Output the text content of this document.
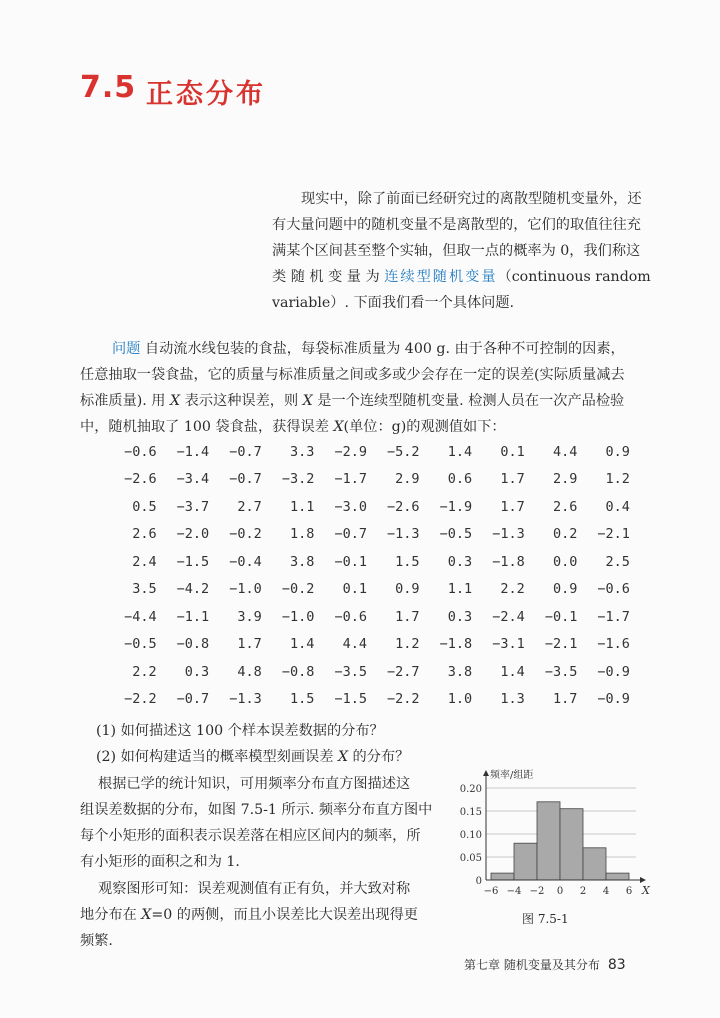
7.5 正态分布
现实中，除了前面已经研究过的离散型随机变量外，还
有大量问题中的随机变量不是离散型的，它们的取值往往充
满某个区间甚至整个实轴，但取一点的概率为 0，我们称这
类 随 机 变 量 为 连续型随机变量（continuous random
variable）. 下面我们看一个具体问题.
问题 自动流水线包装的食盐，每袋标准质量为 400 g. 由于各种不可控制的因素，
任意抽取一袋食盐，它的质量与标准质量之间或多或少会存在一定的误差(实际质量减去
标准质量). 用 X 表示这种误差，则 X 是一个连续型随机变量. 检测人员在一次产品检验
中，随机抽取了 100 袋食盐，获得误差 X(单位：g)的观测值如下：
−0.6	−1.4	−0.7	3.3	−2.9	−5.2	1.4	0.1	4.4	0.9
−2.6	−3.4	−0.7	−3.2	−1.7	2.9	0.6	1.7	2.9	1.2
0.5	−3.7	2.7	1.1	−3.0	−2.6	−1.9	1.7	2.6	0.4
2.6	−2.0	−0.2	1.8	−0.7	−1.3	−0.5	−1.3	0.2	−2.1
2.4	−1.5	−0.4	3.8	−0.1	1.5	0.3	−1.8	0.0	2.5
3.5	−4.2	−1.0	−0.2	0.1	0.9	1.1	2.2	0.9	−0.6
−4.4	−1.1	3.9	−1.0	−0.6	1.7	0.3	−2.4	−0.1	−1.7
−0.5	−0.8	1.7	1.4	4.4	1.2	−1.8	−3.1	−2.1	−1.6
2.2	0.3	4.8	−0.8	−3.5	−2.7	3.8	1.4	−3.5	−0.9
−2.2	−0.7	−1.3	1.5	−1.5	−2.2	1.0	1.3	1.7	−0.9
(1) 如何描述这 100 个样本误差数据的分布？
(2) 如何构建适当的概率模型刻画误差 X 的分布？
根据已学的统计知识，可用频率分布直方图描述这
组误差数据的分布，如图 7.5-1 所示. 频率分布直方图中
每个小矩形的面积表示误差落在相应区间内的频率，所
有小矩形的面积之和为 1.
观察图形可知：误差观测值有正有负，并大致对称
地分布在 X=0 的两侧，而且小误差比大误差出现得更
频繁.
0
0.05
0.10
0.15
0.20
−6 −4 −2 0 2 4 6
频率/组距
X
图 7.5-1
第七章 随机变量及其分布 83
